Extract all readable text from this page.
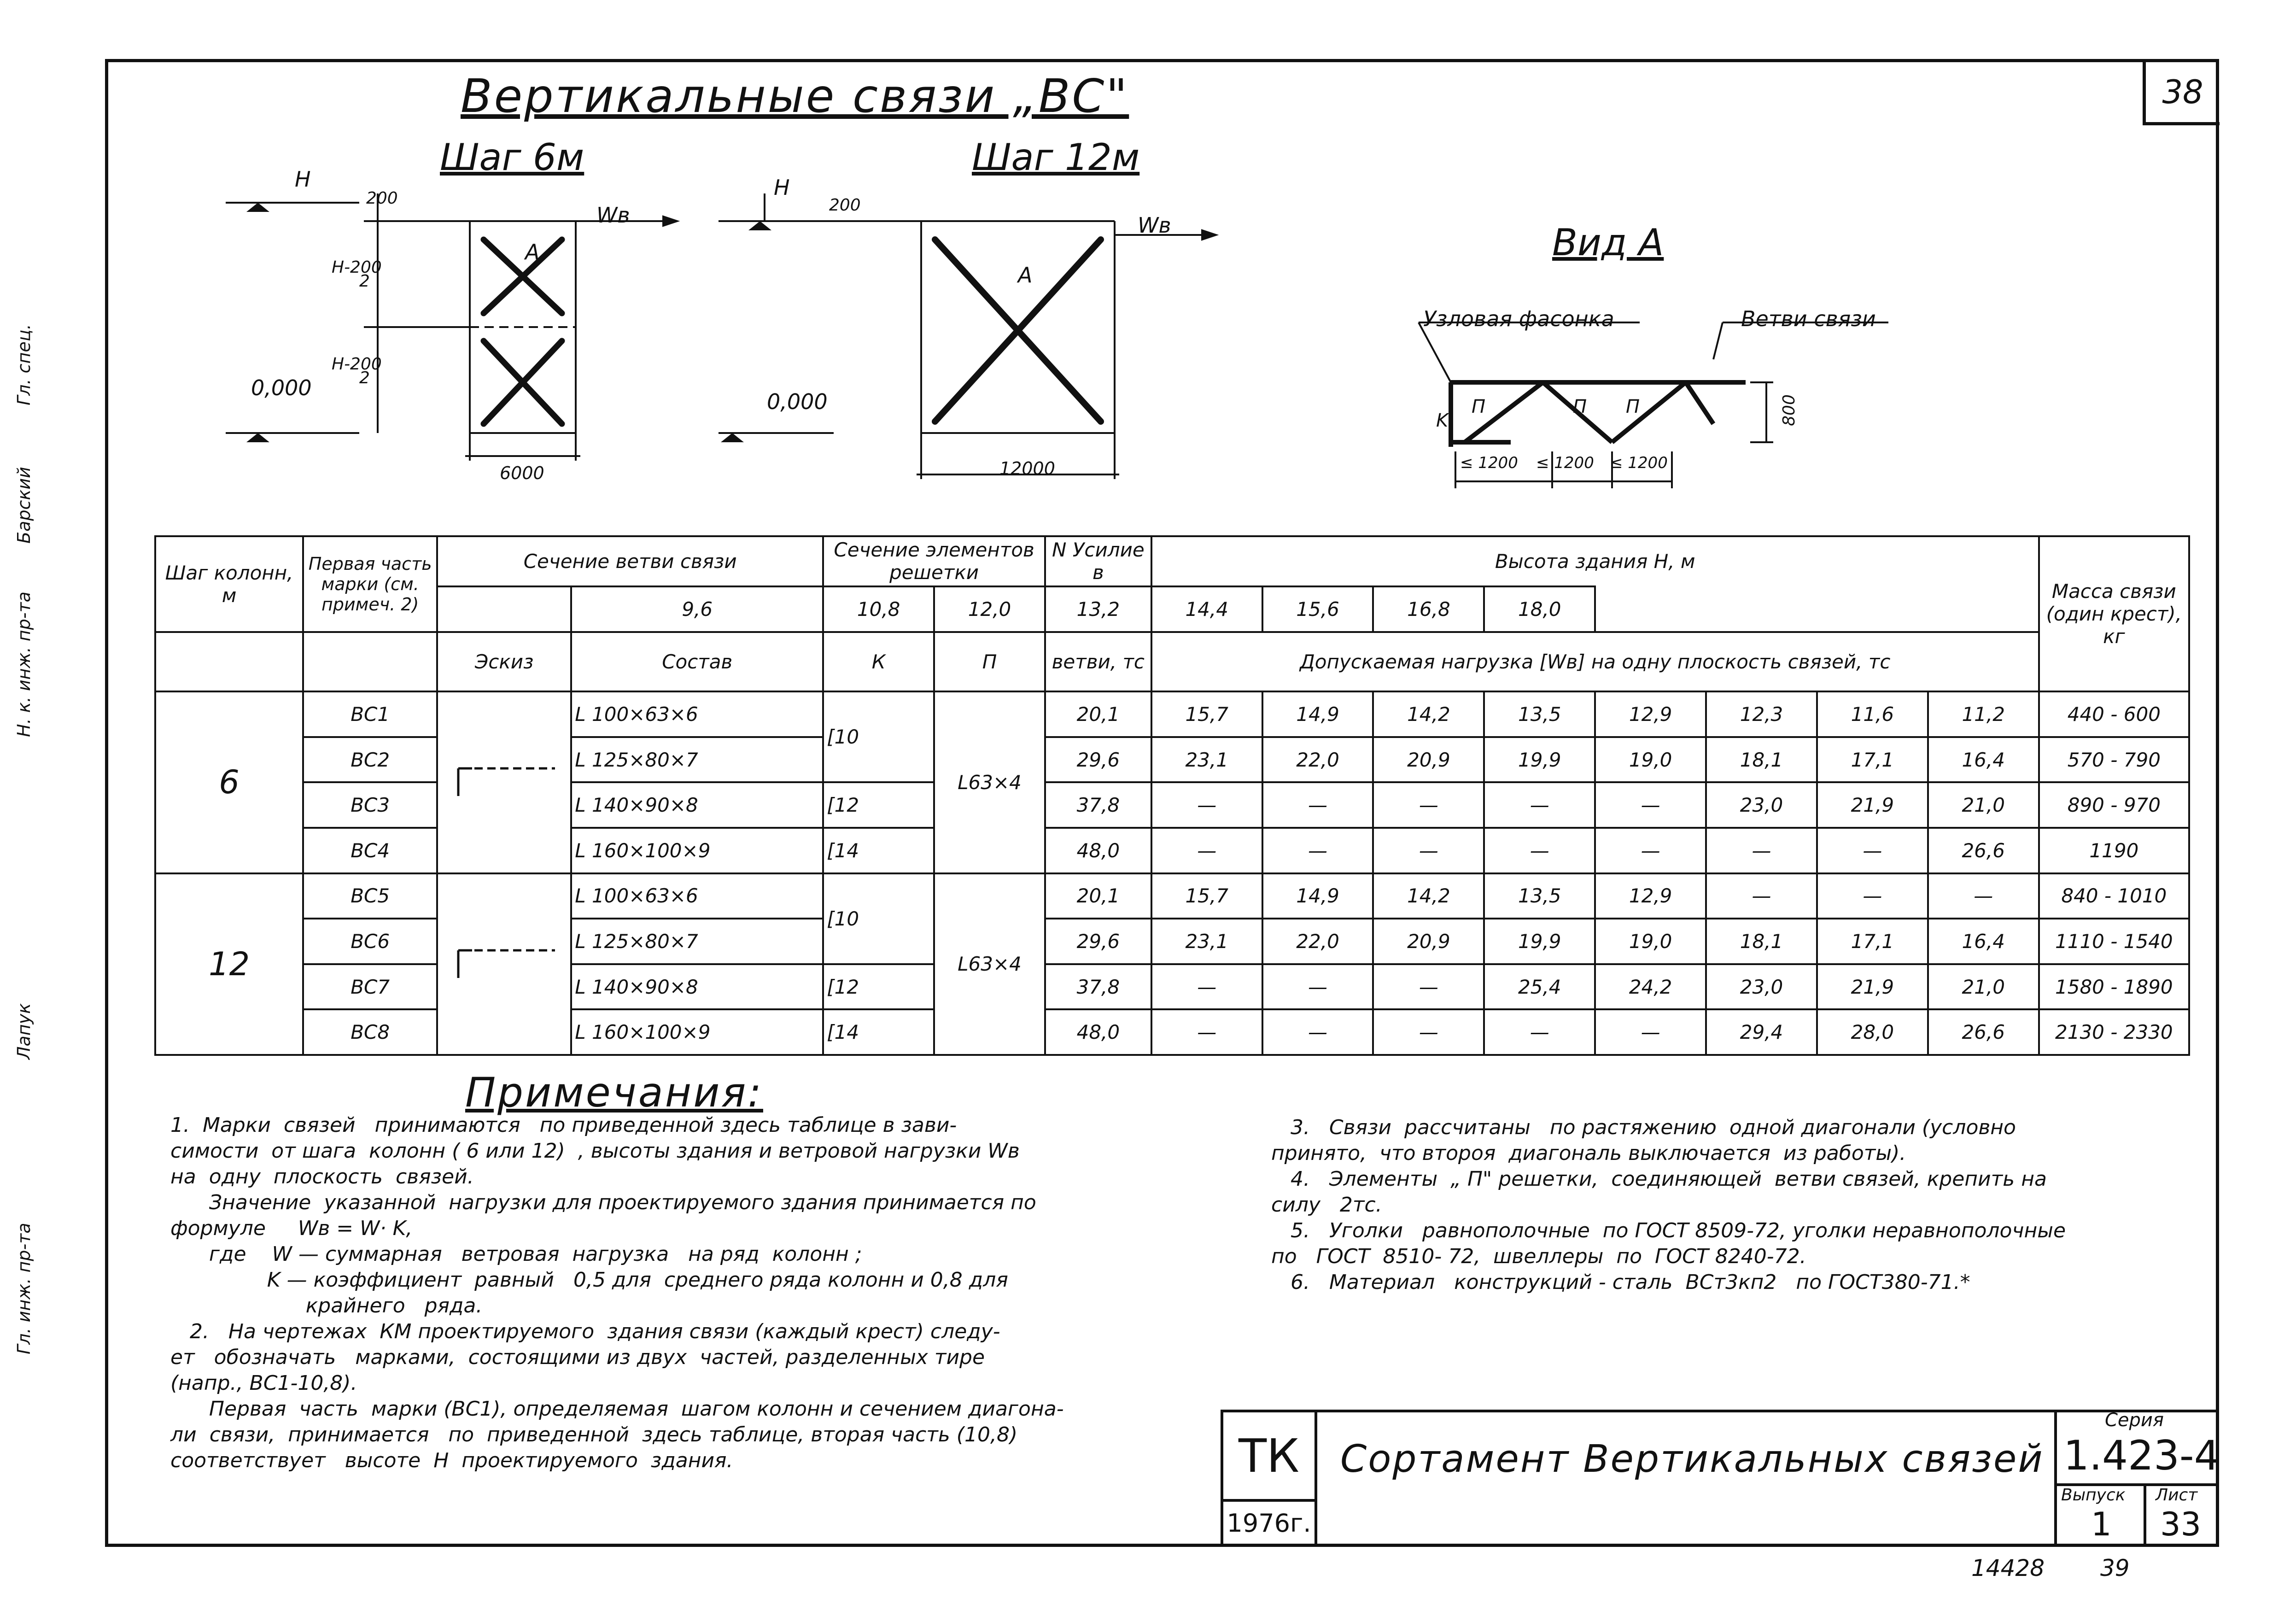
38
Вертикальные связи „ВС"
Гл. инж. пр-та
Лапук
Н. к. инж. пр-та
Барский
Гл. спец.
Шаг 6м
H
0,000
200
H-200
2
H-200
2
6000
Wв
A
Шаг 12м
H
0,000
200
12000
Wв
A
Вид А
Узловая фасонка	Ветви связи
K
П	П П	800
≤ 1200 ≤ 1200 ≤ 1200
Шаг колонн, м	Первая часть марки (см. примеч. 2)	Сечение ветви связи		Сечение элементов решетки		N Усилие в	Высота здания H, м								Масса связи (один крест), кг
			9,6	10,8	12,0	13,2	14,4	15,6	16,8	18,0					
		Эскиз	Состав	К	П	ветви, тс	Допускаемая нагрузка [Wв] на одну плоскость связей, тс								
6	ВС1		L 100×63×6	[10	L63×4	20,1	15,7	14,9	14,2	13,5	12,9	12,3	11,6	11,2	440 - 600
	ВС2		L 125×80×7			29,6	23,1	22,0	20,9	19,9	19,0	18,1	17,1	16,4	570 - 790
	ВС3		L 140×90×8	[12		37,8	—	—	—	—	—	23,0	21,9	21,0	890 - 970
	ВС4		L 160×100×9	[14		48,0	—	—	—	—	—	—	—	26,6	1190
12	ВС5		L 100×63×6	[10	L63×4	20,1	15,7	14,9	14,2	13,5	12,9	—	—	—	840 - 1010
	ВС6		L 125×80×7			29,6	23,1	22,0	20,9	19,9	19,0	18,1	17,1	16,4	1110 - 1540
	ВС7		L 140×90×8	[12		37,8	—	—	—	25,4	24,2	23,0	21,9	21,0	1580 - 1890
	ВС8		L 160×100×9	[14		48,0	—	—	—	—	—	29,4	28,0	26,6	2130 - 2330
Примечания:
1.  Марки  связей   принимаются   по приведенной здесь таблице в зави-
симости  от шага  колонн ( 6 или 12)  , высоты здания и ветровой нагрузки Wв
на  одну  плоскость  связей.
Значение  указанной  нагрузки для проектируемого здания принимается по
формуле     Wв = W· K,
где    W — суммарная   ветровая  нагрузка   на ряд  колонн ;
K — коэффициент  равный   0,5 для  среднего ряда колонн и 0,8 для
крайнего   ряда.
2.   На чертежах  КМ проектируемого  здания связи (каждый крест) следу-
ет   обозначать   марками,  состоящими из двух  частей, разделенных тире
(напр., ВС1-10,8).
Первая  часть  марки (ВС1), определяемая  шагом колонн и сечением диагона-
ли  связи,  принимается   по  приведенной  здесь таблице, вторая часть (10,8)
соответствует   высоте  H  проектируемого  здания.
3.   Связи  рассчитаны   по растяжению  одной диагонали (условно
принято,  что второя  диагональ выключается  из работы).
4.   Элементы  „ П" решетки,  соединяющей  ветви связей, крепить на
силу   2тс.
5.   Уголки   равнополочные  по ГОСТ 8509-72, уголки неравнополочные
по   ГОСТ  8510- 72,  швеллеры  по  ГОСТ 8240-72.
6.   Материал   конструкций - сталь  ВСт3кп2   по ГОСТ380-71.*
ТК
1976г.
Сортамент Вертикальных связей
Серия
1.423-4
Выпуск
1
Лист
33
14428 39
